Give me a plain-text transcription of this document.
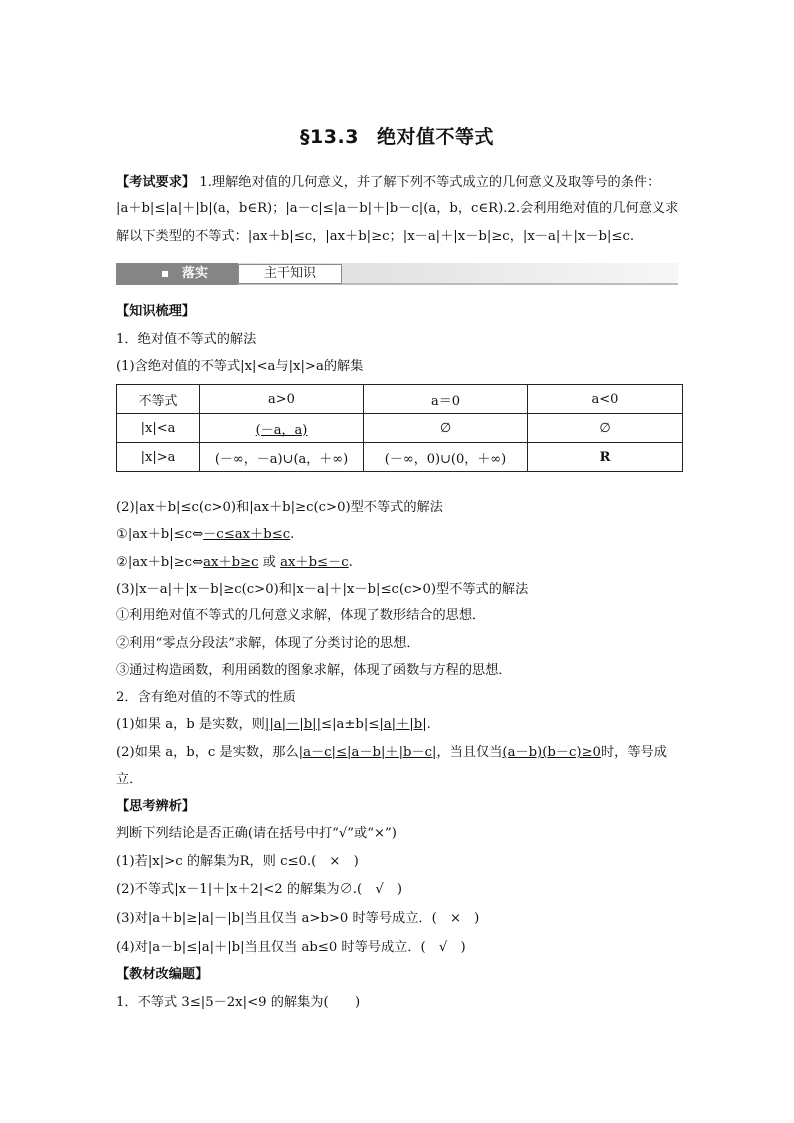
§13.3 绝对值不等式
【考试要求】 1.理解绝对值的几何意义，并了解下列不等式成立的几何意义及取等号的条件：
|a＋b|≤|a|＋|b|(a，b∈R)；|a－c|≤|a－b|＋|b－c|(a，b，c∈R).2.会利用绝对值的几何意义求
解以下类型的不等式：|ax＋b|≤c，|ax＋b|≥c；|x－a|＋|x－b|≥c，|x－a|＋|x－b|≤c.
落实	主干知识
【知识梳理】
1．绝对值不等式的解法
(1)含绝对值的不等式|x|<a与|x|>a的解集
不等式	a>0	a＝0	a<0
|x|<a	(－a，a)	∅	∅
|x|>a	(－∞，－a)∪(a，＋∞)	(－∞，0)∪(0，＋∞)	R
(2)|ax＋b|≤c(c>0)和|ax＋b|≥c(c>0)型不等式的解法
①|ax＋b|≤c⇔－c≤ax＋b≤c.
②|ax＋b|≥c⇔ax＋b≥c 或 ax＋b≤－c.
(3)|x－a|＋|x－b|≥c(c>0)和|x－a|＋|x－b|≤c(c>0)型不等式的解法
①利用绝对值不等式的几何意义求解，体现了数形结合的思想．
②利用“零点分段法”求解，体现了分类讨论的思想．
③通过构造函数，利用函数的图象求解，体现了函数与方程的思想．
2．含有绝对值的不等式的性质
(1)如果 a，b 是实数，则||a|－|b||≤|a±b|≤|a|＋|b|.
(2)如果 a，b，c 是实数，那么|a－c|≤|a－b|＋|b－c|，当且仅当(a－b)(b－c)≥0时，等号成
立．
【思考辨析】
判断下列结论是否正确(请在括号中打“√”或“×”)
(1)若|x|>c 的解集为R，则 c≤0.(　×　)
(2)不等式|x－1|＋|x＋2|<2 的解集为∅.(　√　)
(3)对|a＋b|≥|a|－|b|当且仅当 a>b>0 时等号成立．(　×　)
(4)对|a－b|≤|a|＋|b|当且仅当 ab≤0 时等号成立．(　√　)
【教材改编题】
1．不等式 3≤|5－2x|<9 的解集为(　　)
